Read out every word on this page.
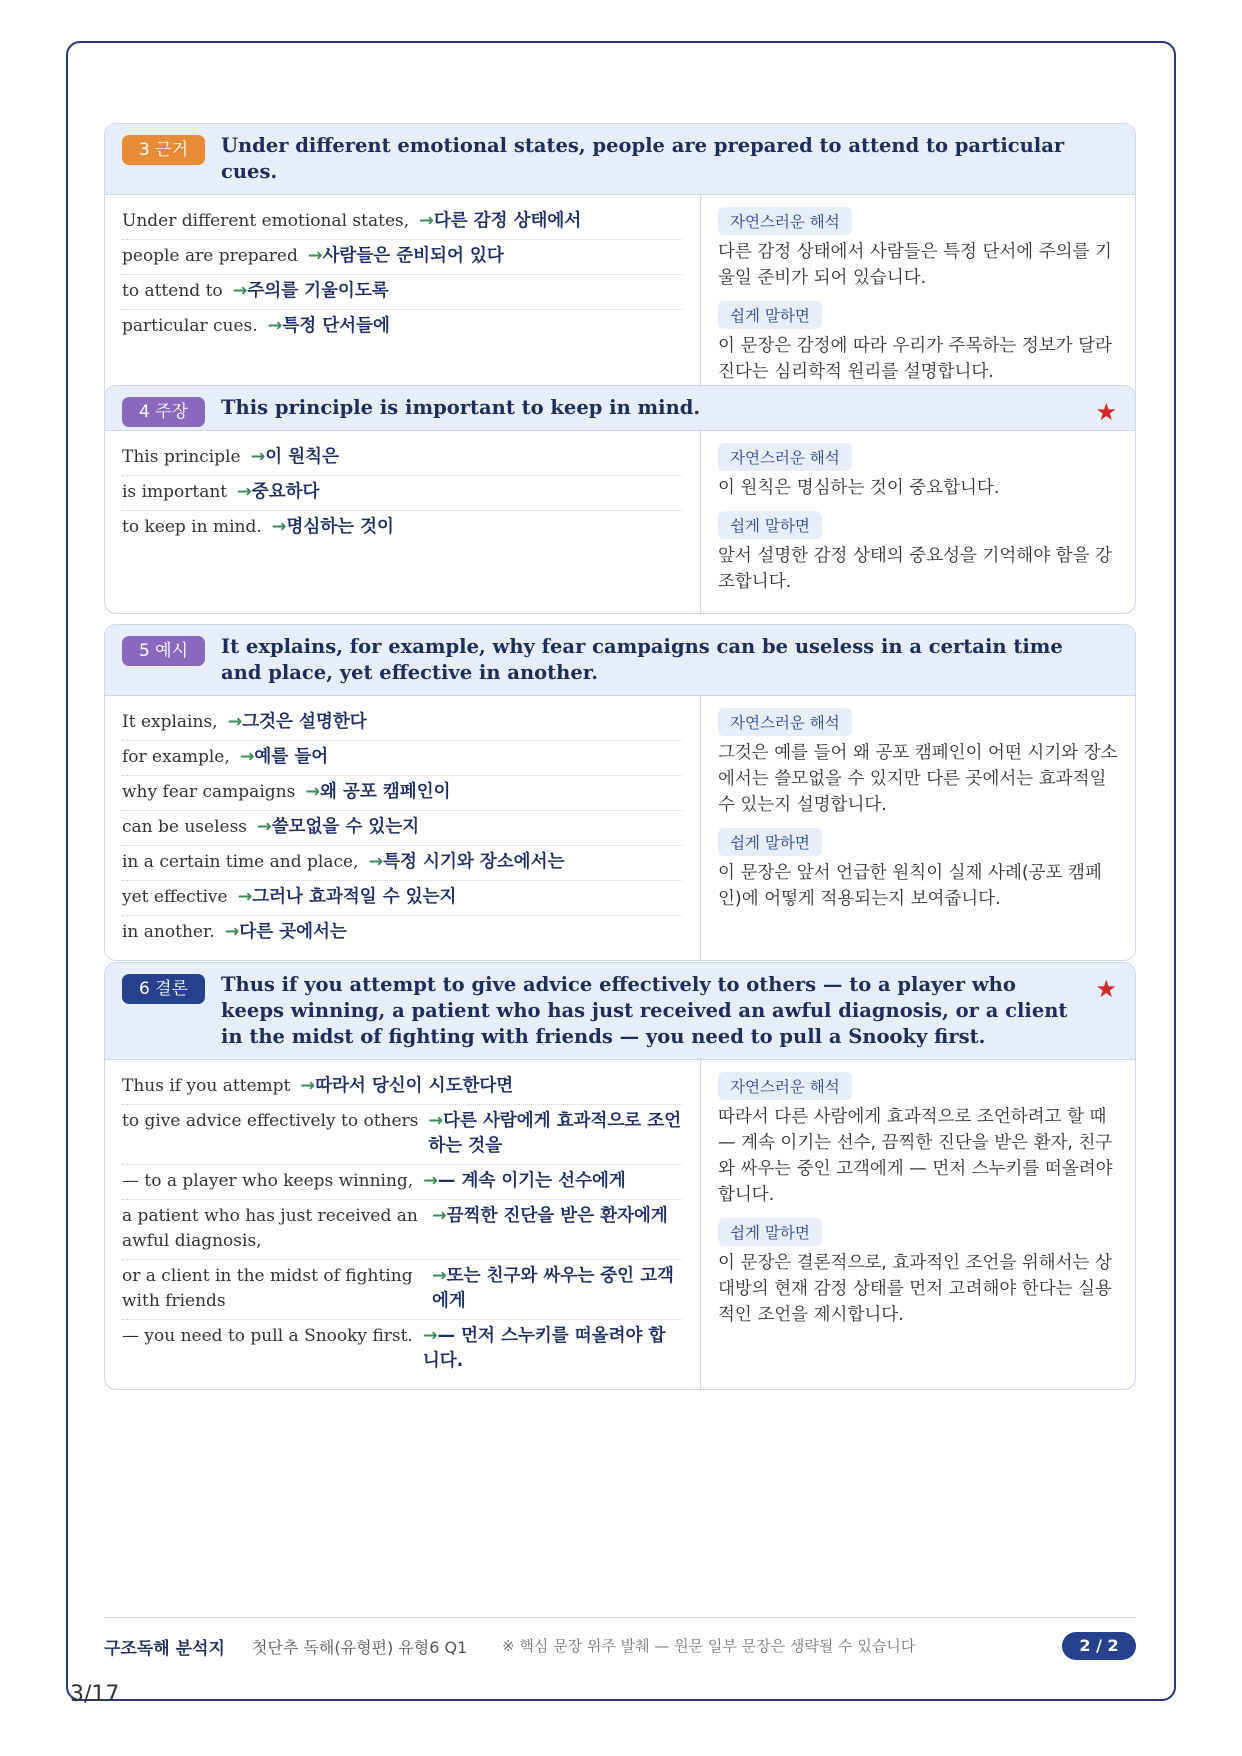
3 근거	Under different emotional states, people are prepared to attend to particular cues.
Under different emotional states, →다른 감정 상태에서
people are prepared →사람들은 준비되어 있다
to attend to →주의를 기울이도록
particular cues. →특정 단서들에
자연스러운 해석

다른 감정 상태에서 사람들은 특정 단서에 주의를 기울일 준비가 되어 있습니다.

쉽게 말하면

이 문장은 감정에 따라 우리가 주목하는 정보가 달라진다는 심리학적 원리를 설명합니다.

4 주장	This principle is important to keep in mind.	★
This principle →이 원칙은
is important →중요하다
to keep in mind. →명심하는 것이
자연스러운 해석

이 원칙은 명심하는 것이 중요합니다.

쉽게 말하면

앞서 설명한 감정 상태의 중요성을 기억해야 함을 강조합니다.

5 예시	It explains, for example, why fear campaigns can be useless in a certain time and place, yet effective in another.
It explains, →그것은 설명한다
for example, →예를 들어
why fear campaigns →왜 공포 캠페인이
can be useless →쓸모없을 수 있는지
in a certain time and place, →특정 시기와 장소에서는
yet effective →그러나 효과적일 수 있는지
in another. →다른 곳에서는
자연스러운 해석

그것은 예를 들어 왜 공포 캠페인이 어떤 시기와 장소에서는 쓸모없을 수 있지만 다른 곳에서는 효과적일 수 있는지 설명합니다.

쉽게 말하면

이 문장은 앞서 언급한 원칙이 실제 사례(공포 캠페인)에 어떻게 적용되는지 보여줍니다.

6 결론	Thus if you attempt to give advice effectively to others — to a player who keeps winning, a patient who has just received an awful diagnosis, or a client in the midst of fighting with friends — you need to pull a Snooky first.
★
Thus if you attempt →따라서 당신이 시도한다면
to give advice effectively to others →다른 사람에게 효과적으로 조언하는 것을
— to a player who keeps winning, →— 계속 이기는 선수에게
a patient who has just received an awful diagnosis,
→끔찍한 진단을 받은 환자에게
or a client in the midst of fighting with friends
→또는 친구와 싸우는 중인 고객에게
— you need to pull a Snooky first. →— 먼저 스누키를 떠올려야 합니다.
자연스러운 해석

따라서 다른 사람에게 효과적으로 조언하려고 할 때 — 계속 이기는 선수, 끔찍한 진단을 받은 환자, 친구와 싸우는 중인 고객에게 — 먼저 스누키를 떠올려야 합니다.

쉽게 말하면

이 문장은 결론적으로, 효과적인 조언을 위해서는 상대방의 현재 감정 상태를 먼저 고려해야 한다는 실용적인 조언을 제시합니다.

구조독해 분석지 첫단추 독해(유형편) 유형6 Q1 ※ 핵심 문장 위주 발췌 — 원문 일부 문장은 생략될 수 있습니다	2 / 2
3/17
